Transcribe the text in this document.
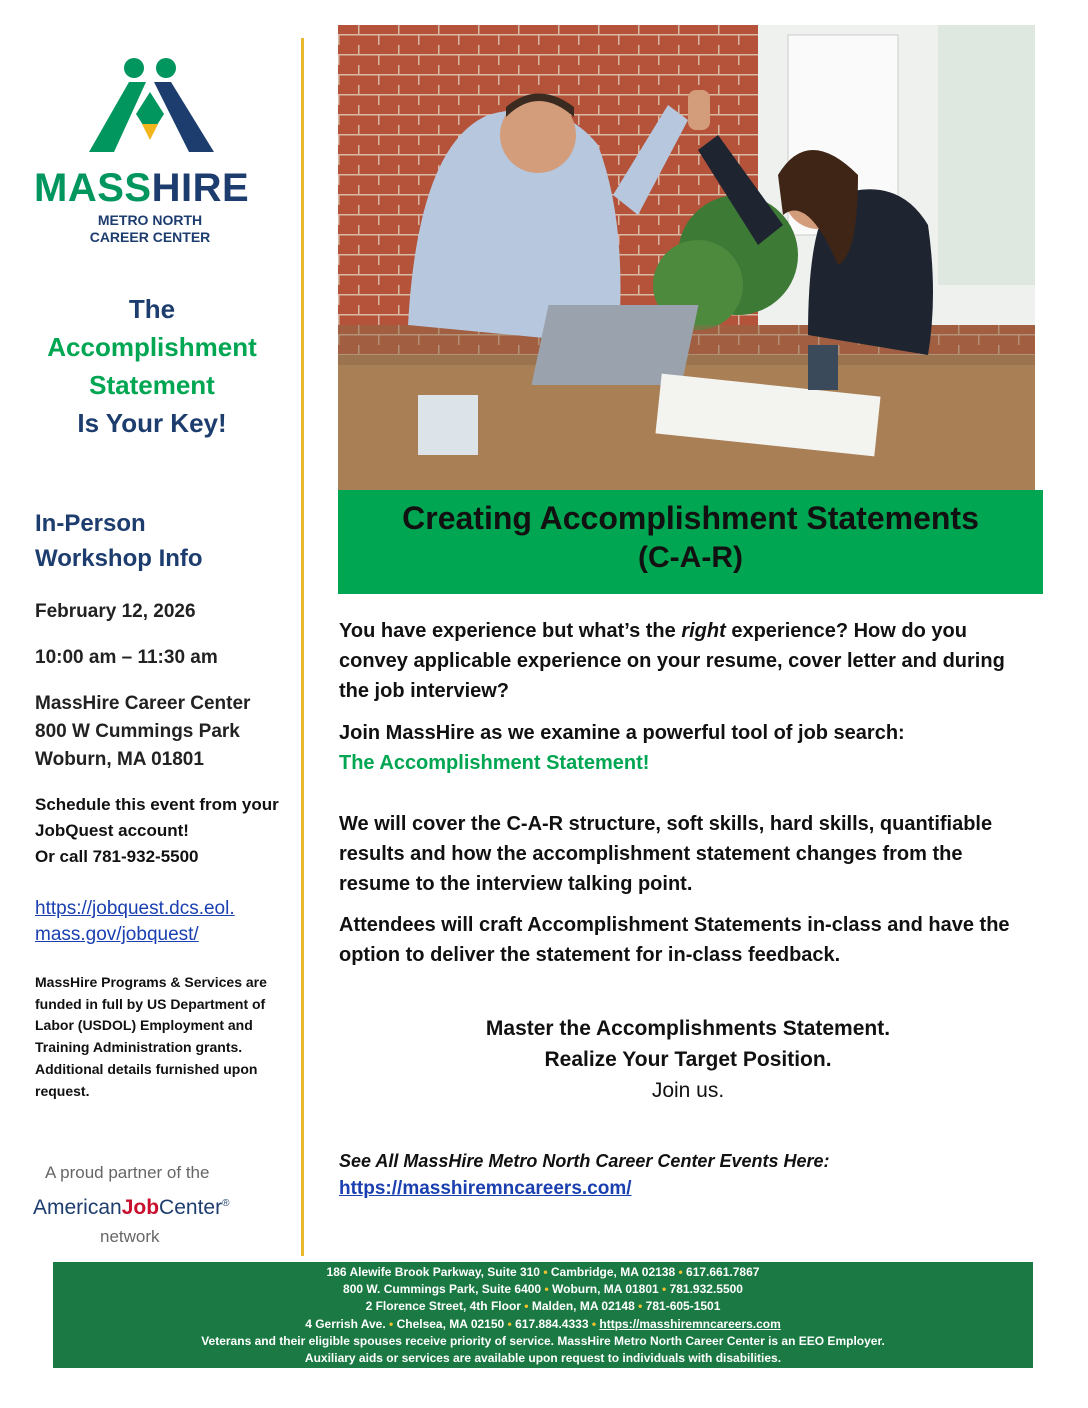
MASSHIRE
METRO NORTH
CAREER CENTER
The
Accomplishment
Statement
Is Your Key!
In-Person
Workshop Info
February 12, 2026
10:00 am – 11:30 am
MassHire Career Center
800 W Cummings Park
Woburn, MA 01801
Schedule this event from your
JobQuest account!
Or call 781-932-5500
https://jobquest.dcs.eol.
mass.gov/jobquest/
MassHire Programs & Services are funded in full by US Department of Labor (USDOL) Employment and Training Administration grants. Additional details furnished upon request.
A proud partner of the
AmericanJobCenter®
network
Creating Accomplishment Statements
(C-A-R)
You have experience but what’s the right experience? How do you convey applicable experience on your resume, cover letter and during the job interview?
Join MassHire as we examine a powerful tool of job search:
The Accomplishment Statement!
We will cover the C-A-R structure, soft skills, hard skills, quantifiable results and how the accomplishment statement changes from the resume to the interview talking point.
Attendees will craft Accomplishment Statements in-class and have the option to deliver the statement for in-class feedback.
Master the Accomplishments Statement.
Realize Your Target Position.
Join us.
See All MassHire Metro North Career Center Events Here:
https://masshiremncareers.com/
186 Alewife Brook Parkway, Suite 310 • Cambridge, MA 02138 • 617.661.7867
800 W. Cummings Park, Suite 6400 • Woburn, MA 01801 • 781.932.5500
2 Florence Street, 4th Floor • Malden, MA 02148 • 781-605-1501
4 Gerrish Ave. • Chelsea, MA 02150 • 617.884.4333 • https://masshiremncareers.com
Veterans and their eligible spouses receive priority of service. MassHire Metro North Career Center is an EEO Employer.
Auxiliary aids or services are available upon request to individuals with disabilities.
